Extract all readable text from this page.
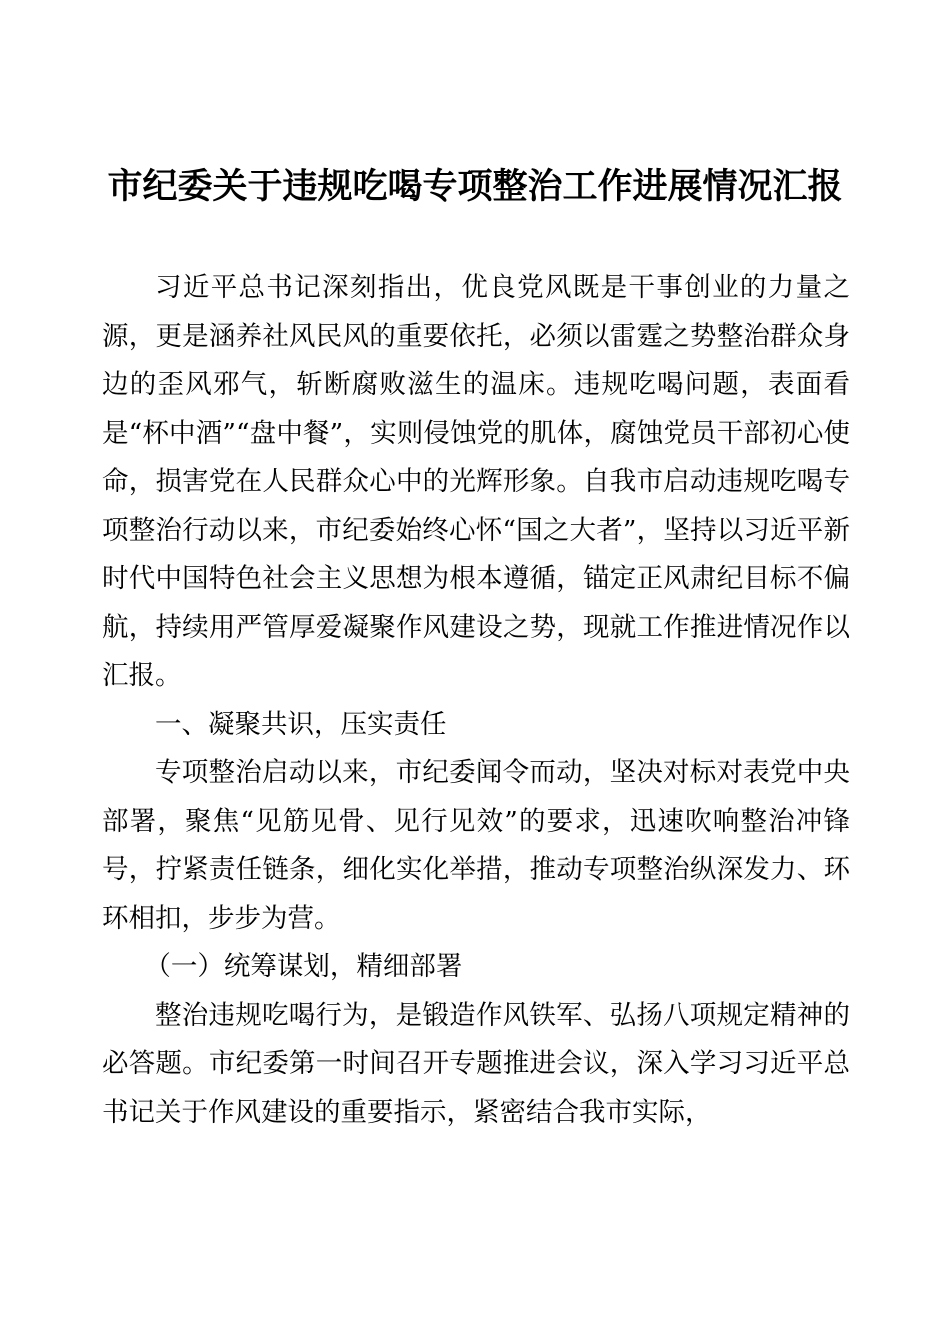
市纪委关于违规吃喝专项整治工作进展情况汇报

习近平总书记深刻指出，优良党风既是干事创业的力量之源，更是涵养社风民风的重要依托，必须以雷霆之势整治群众身边的歪风邪气，斩断腐败滋生的温床。违规吃喝问题，表面看是“杯中酒”“盘中餐”，实则侵蚀党的肌体，腐蚀党员干部初心使命，损害党在人民群众心中的光辉形象。自我市启动违规吃喝专项整治行动以来，市纪委始终心怀“国之大者”，坚持以习近平新时代中国特色社会主义思想为根本遵循，锚定正风肃纪目标不偏航，持续用严管厚爱凝聚作风建设之势，现就工作推进情况作以汇报。

一、凝聚共识，压实责任

专项整治启动以来，市纪委闻令而动，坚决对标对表党中央部署，聚焦“见筋见骨、见行见效”的要求，迅速吹响整治冲锋号，拧紧责任链条，细化实化举措，推动专项整治纵深发力、环环相扣，步步为营。

（一）统筹谋划，精细部署

整治违规吃喝行为，是锻造作风铁军、弘扬八项规定精神的必答题。市纪委第一时间召开专题推进会议，深入学习习近平总书记关于作风建设的重要指示，紧密结合我市实际，
